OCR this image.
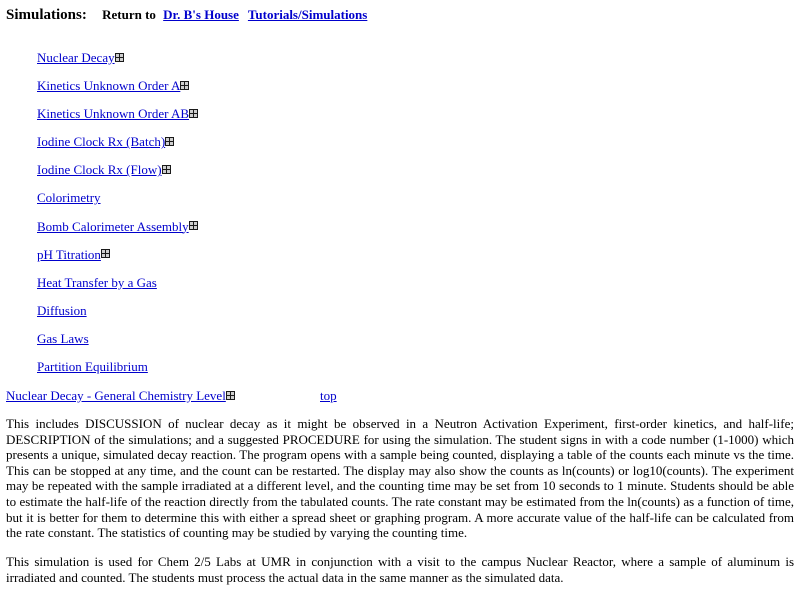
Simulations: Return to Dr. B's House Tutorials/Simulations
Nuclear Decay
Kinetics Unknown Order A
Kinetics Unknown Order AB
Iodine Clock Rx (Batch)
Iodine Clock Rx (Flow)
Colorimetry
Bomb Calorimeter Assembly
pH Titration
Heat Transfer by a Gas
Diffusion
Gas Laws
Partition Equilibrium
Nuclear Decay - General Chemistry Level	top

This includes DISCUSSION of nuclear decay as it might be observed in a Neutron Activation Experiment, first-order kinetics, and half-life; DESCRIPTION of the simulations; and a suggested PROCEDURE for using the simulation. The student signs in with a code number (1-1000) which presents a unique, simulated decay reaction. The program opens with a sample being counted, displaying a table of the counts each minute vs the time. This can be stopped at any time, and the count can be restarted. The display may also show the counts as ln(counts) or log10(counts). The experiment may be repeated with the sample irradiated at a different level, and the counting time may be set from 10 seconds to 1 minute. Students should be able to estimate the half-life of the reaction directly from the tabulated counts. The rate constant may be estimated from the ln(counts) as a function of time, but it is better for them to determine this with either a spread sheet or graphing program. A more accurate value of the half-life can be calculated from the rate constant. The statistics of counting may be studied by varying the counting time.

This simulation is used for Chem 2/5 Labs at UMR in conjunction with a visit to the campus Nuclear Reactor, where a sample of aluminum is irradiated and counted. The students must process the actual data in the same manner as the simulated data.
